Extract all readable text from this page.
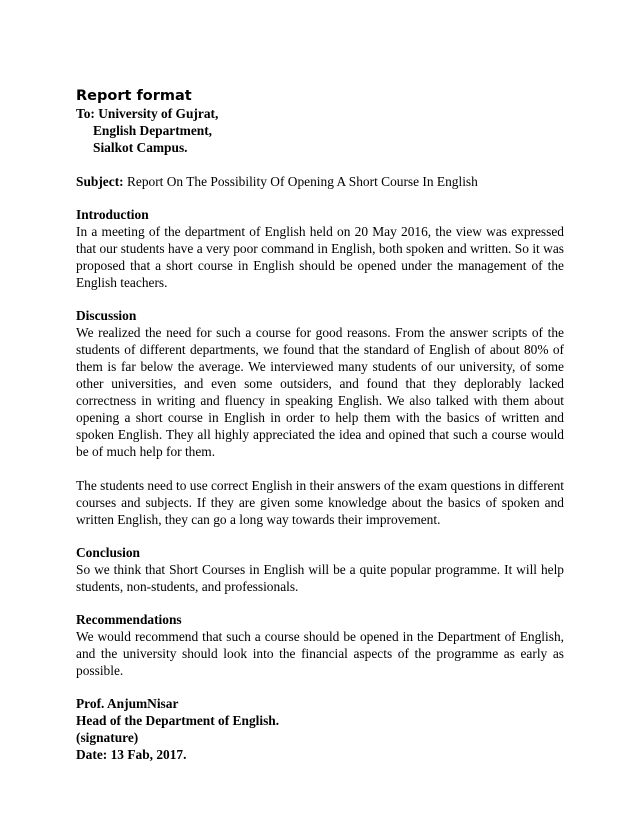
Report format
To: University of Gujrat,
English Department,
Sialkot Campus.
Subject: Report On The Possibility Of Opening A Short Course In English
Introduction

In a meeting of the department of English held on 20 May 2016, the view was expressed that our students have a very poor command in English, both spoken and written. So it was proposed that a short course in English should be opened under the management of the English teachers.

Discussion

We realized the need for such a course for good reasons. From the answer scripts of the students of different departments, we found that the standard of English of about 80% of them is far below the average. We interviewed many students of our university, of some other universities, and even some outsiders, and found that they deplorably lacked correctness in writing and fluency in speaking English. We also talked with them about opening a short course in English in order to help them with the basics of written and spoken English. They all highly appreciated the idea and opined that such a course would be of much help for them.

The students need to use correct English in their answers of the exam questions in different courses and subjects. If they are given some knowledge about the basics of spoken and written English, they can go a long way towards their improvement.

Conclusion

So we think that Short Courses in English will be a quite popular programme. It will help students, non-students, and professionals.

Recommendations

We would recommend that such a course should be opened in the Department of English, and the university should look into the financial aspects of the programme as early as possible.

Prof. AnjumNisar
Head of the Department of English.
(signature)
Date: 13 Fab, 2017.
